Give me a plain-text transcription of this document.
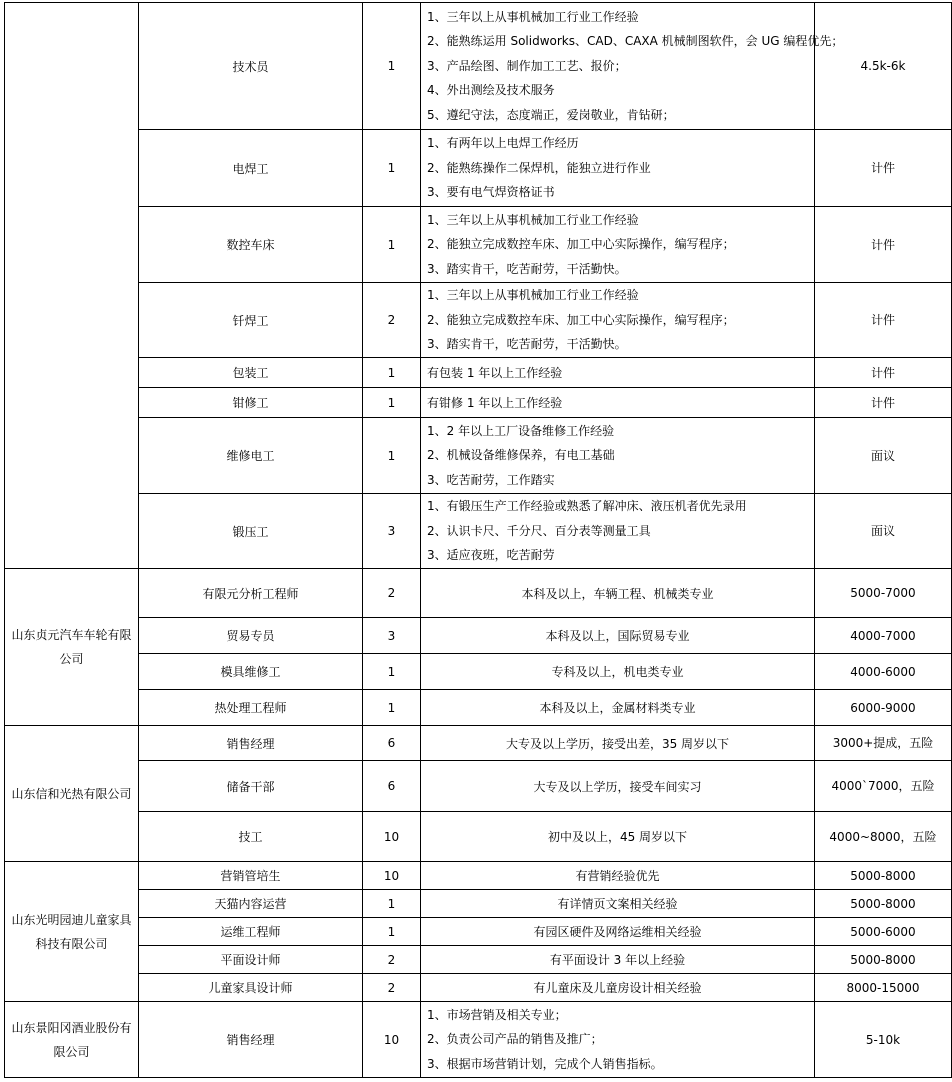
	技术员	1	1、三年以上从事机械加工行业工作经验
2、能熟练运用 Solidworks、CAD、CAXA 机械制图软件，会 UG 编程优先；
3、产品绘图、制作加工工艺、报价；
4、外出测绘及技术服务
5、遵纪守法，态度端正，爱岗敬业，肯钻研；	4.5k-6k
	电焊工	1	1、有两年以上电焊工作经历
2、能熟练操作二保焊机，能独立进行作业
3、要有电气焊资格证书	计件
	数控车床	1	1、三年以上从事机械加工行业工作经验
2、能独立完成数控车床、加工中心实际操作，编写程序；
3、踏实肯干，吃苦耐劳，干活勤快。	计件
	钎焊工	2	1、三年以上从事机械加工行业工作经验
2、能独立完成数控车床、加工中心实际操作，编写程序；
3、踏实肯干，吃苦耐劳，干活勤快。	计件
	包装工	1	有包装 1 年以上工作经验	计件
	钳修工	1	有钳修 1 年以上工作经验	计件
	维修电工	1	1、2 年以上工厂设备维修工作经验
2、机械设备维修保养，有电工基础
3、吃苦耐劳，工作踏实	面议
	锻压工	3	1、有锻压生产工作经验或熟悉了解冲床、液压机者优先录用
2、认识卡尺、千分尺、百分表等测量工具
3、适应夜班，吃苦耐劳	面议
山东贞元汽车车轮有限公司	有限元分析工程师	2	本科及以上，车辆工程、机械类专业	5000-7000
	贸易专员	3	本科及以上，国际贸易专业	4000-7000
	模具维修工	1	专科及以上，机电类专业	4000-6000
	热处理工程师	1	本科及以上，金属材料类专业	6000-9000
山东信和光热有限公司	销售经理	6	大专及以上学历，接受出差，35 周岁以下	3000+提成，五险
	储备干部	6	大专及以上学历，接受车间实习	4000`7000，五险
	技工	10	初中及以上，45 周岁以下	4000~8000，五险
山东光明园迪儿童家具科技有限公司	营销管培生	10	有营销经验优先	5000-8000
	天猫内容运营	1	有详情页文案相关经验	5000-8000
	运维工程师	1	有园区硬件及网络运维相关经验	5000-6000
	平面设计师	2	有平面设计 3 年以上经验	5000-8000
	儿童家具设计师	2	有儿童床及儿童房设计相关经验	8000-15000
山东景阳冈酒业股份有限公司	销售经理	10	1、市场营销及相关专业；
2、负责公司产品的销售及推广；
3、根据市场营销计划，完成个人销售指标。	5-10k
